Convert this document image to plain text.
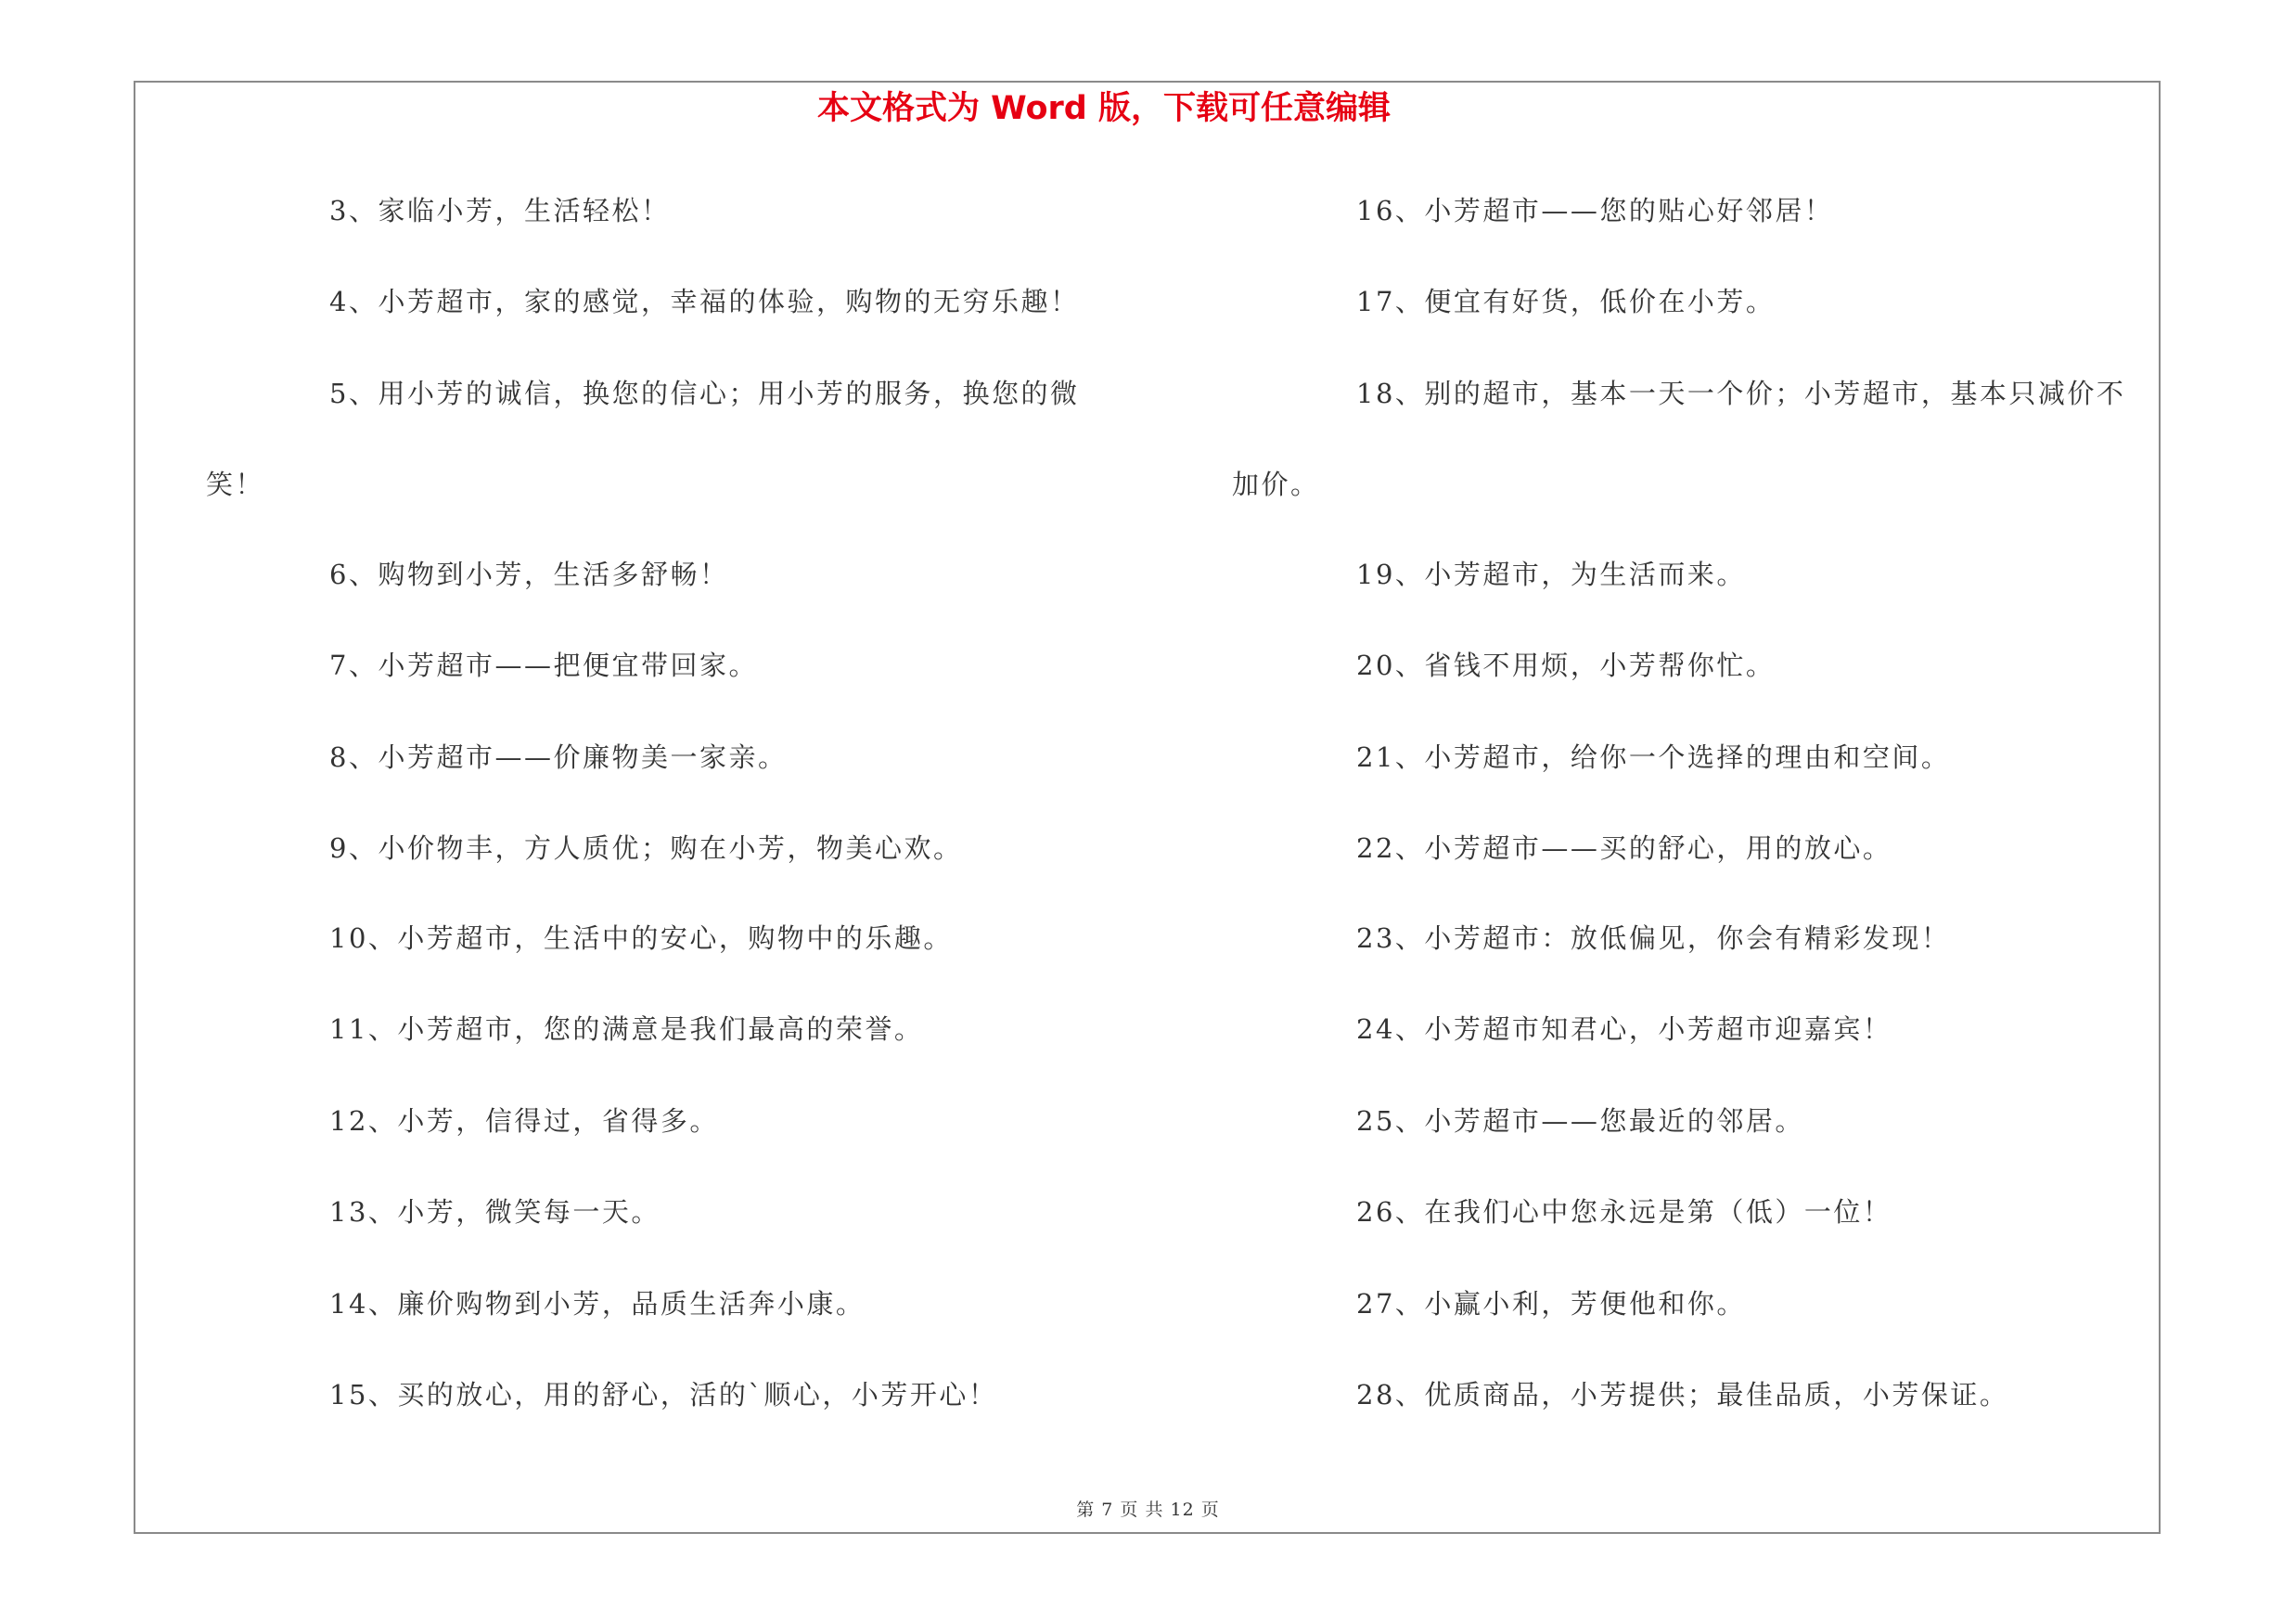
本文格式为 Word 版，下载可任意编辑
3、家临小芳，生活轻松！
4、小芳超市，家的感觉，幸福的体验，购物的无穷乐趣！
5、用小芳的诚信，换您的信心；用小芳的服务，换您的微
笑！
6、购物到小芳，生活多舒畅！
7、小芳超市——把便宜带回家。
8、小芳超市——价廉物美一家亲。
9、小价物丰，方人质优；购在小芳，物美心欢。
10、小芳超市，生活中的安心，购物中的乐趣。
11、小芳超市，您的满意是我们最高的荣誉。
12、小芳，信得过，省得多。
13、小芳，微笑每一天。
14、廉价购物到小芳，品质生活奔小康。
15、买的放心，用的舒心，活的`顺心，小芳开心！
16、小芳超市——您的贴心好邻居！
17、便宜有好货，低价在小芳。
18、别的超市，基本一天一个价；小芳超市，基本只减价不
加价。
19、小芳超市，为生活而来。
20、省钱不用烦，小芳帮你忙。
21、小芳超市，给你一个选择的理由和空间。
22、小芳超市——买的舒心，用的放心。
23、小芳超市：放低偏见，你会有精彩发现！
24、小芳超市知君心，小芳超市迎嘉宾！
25、小芳超市——您最近的邻居。
26、在我们心中您永远是第（低）一位！
27、小赢小利，芳便他和你。
28、优质商品，小芳提供；最佳品质，小芳保证。
第 7 页 共 12 页
